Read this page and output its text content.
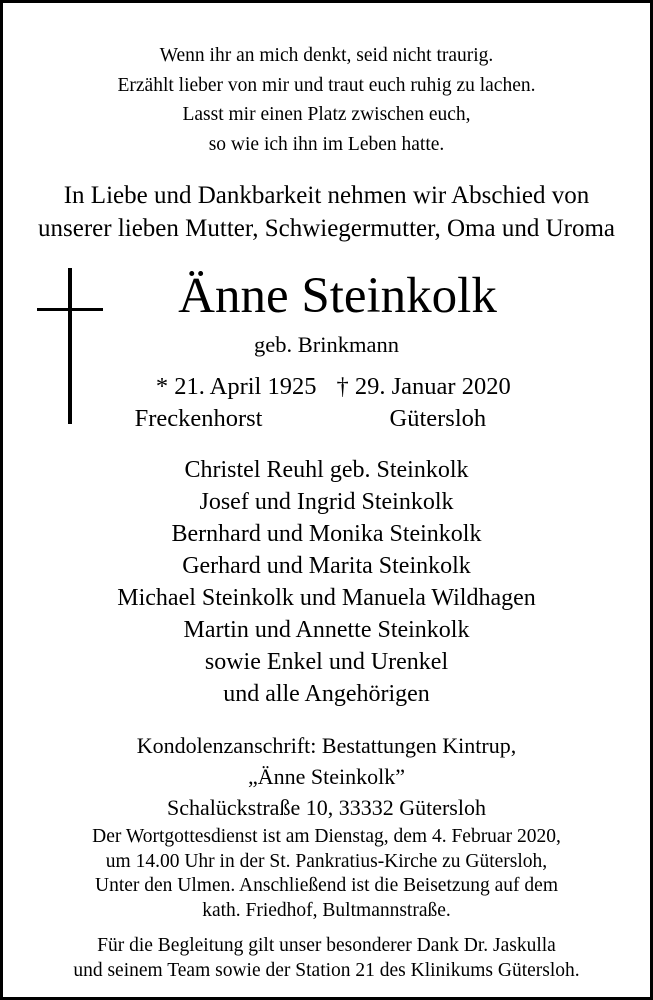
Wenn ihr an mich denkt, seid nicht traurig.
Erzählt lieber von mir und traut euch ruhig zu lachen.
Lasst mir einen Platz zwischen euch,
so wie ich ihn im Leben hatte.
In Liebe und Dankbarkeit nehmen wir Abschied von
unserer lieben Mutter, Schwiegermutter, Oma und Uroma
Änne Steinkolk
geb. Brinkmann
* 21. April 1925 † 29. Januar 2020
Freckenhorst	Gütersloh
Christel Reuhl geb. Steinkolk
Josef und Ingrid Steinkolk
Bernhard und Monika Steinkolk
Gerhard und Marita Steinkolk
Michael Steinkolk und Manuela Wildhagen
Martin und Annette Steinkolk
sowie Enkel und Urenkel
und alle Angehörigen
Kondolenzanschrift: Bestattungen Kintrup,
„Änne Steinkolk”
Schalückstraße 10, 33332 Gütersloh
Der Wortgottesdienst ist am Dienstag, dem 4. Februar 2020,
um 14.00 Uhr in der St. Pankratius-Kirche zu Gütersloh,
Unter den Ulmen. Anschließend ist die Beisetzung auf dem
kath. Friedhof, Bultmannstraße.
Für die Begleitung gilt unser besonderer Dank Dr. Jaskulla
und seinem Team sowie der Station 21 des Klinikums Gütersloh.
